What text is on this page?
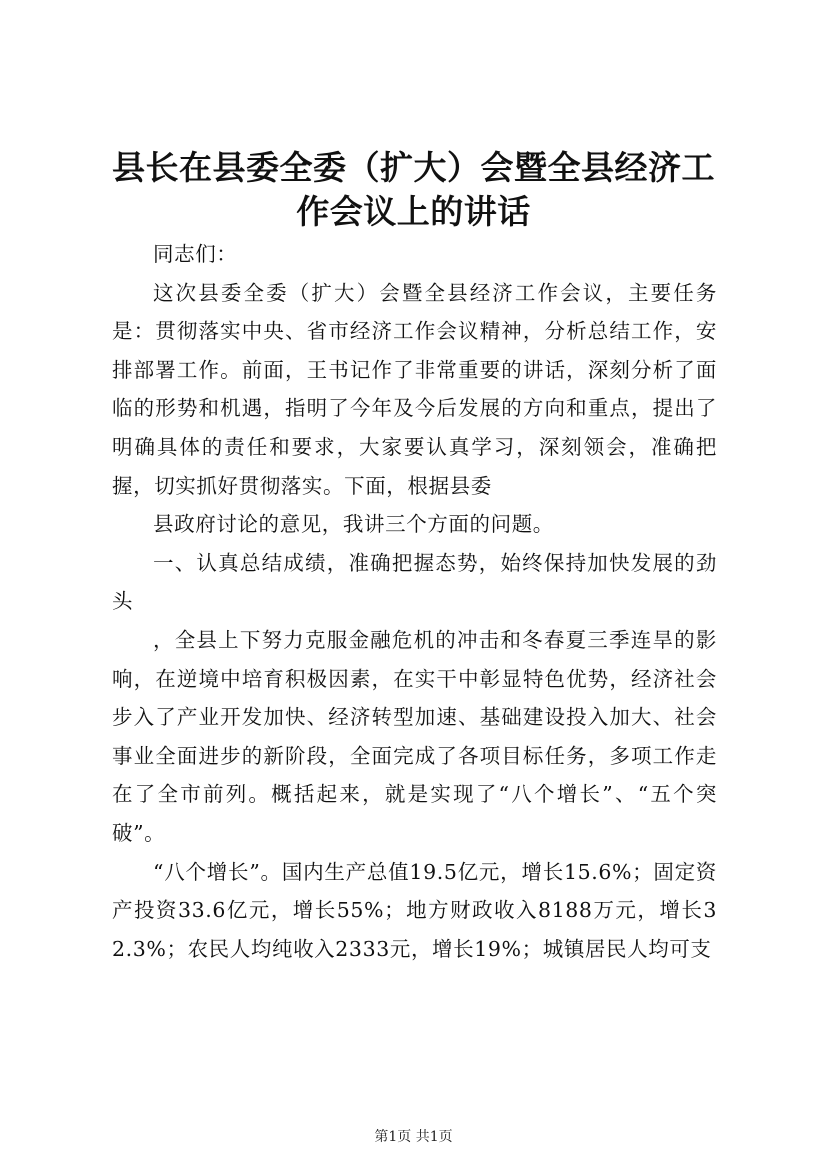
县长在县委全委（扩大）会暨全县经济工作会议上的讲话

同志们：

这次县委全委（扩大）会暨全县经济工作会议，主要任务是：贯彻落实中央、省市经济工作会议精神，分析总结工作，安排部署工作。前面，王书记作了非常重要的讲话，深刻分析了面临的形势和机遇，指明了今年及今后发展的方向和重点，提出了明确具体的责任和要求，大家要认真学习，深刻领会，准确把握，切实抓好贯彻落实。下面，根据县委

县政府讨论的意见，我讲三个方面的问题。

一、认真总结成绩，准确把握态势，始终保持加快发展的劲头

，全县上下努力克服金融危机的冲击和冬春夏三季连旱的影响，在逆境中培育积极因素，在实干中彰显特色优势，经济社会步入了产业开发加快、经济转型加速、基础建设投入加大、社会事业全面进步的新阶段，全面完成了各项目标任务，多项工作走在了全市前列。概括起来，就是实现了“八个增长”、“五个突破”。

“八个增长”。国内生产总值19.5亿元，增长15.6%；固定资产投资33.6亿元，增长55%；地方财政收入8188万元，增长32.3%；农民人均纯收入2333元，增长19%；城镇居民人均可支

第1页 共1页
